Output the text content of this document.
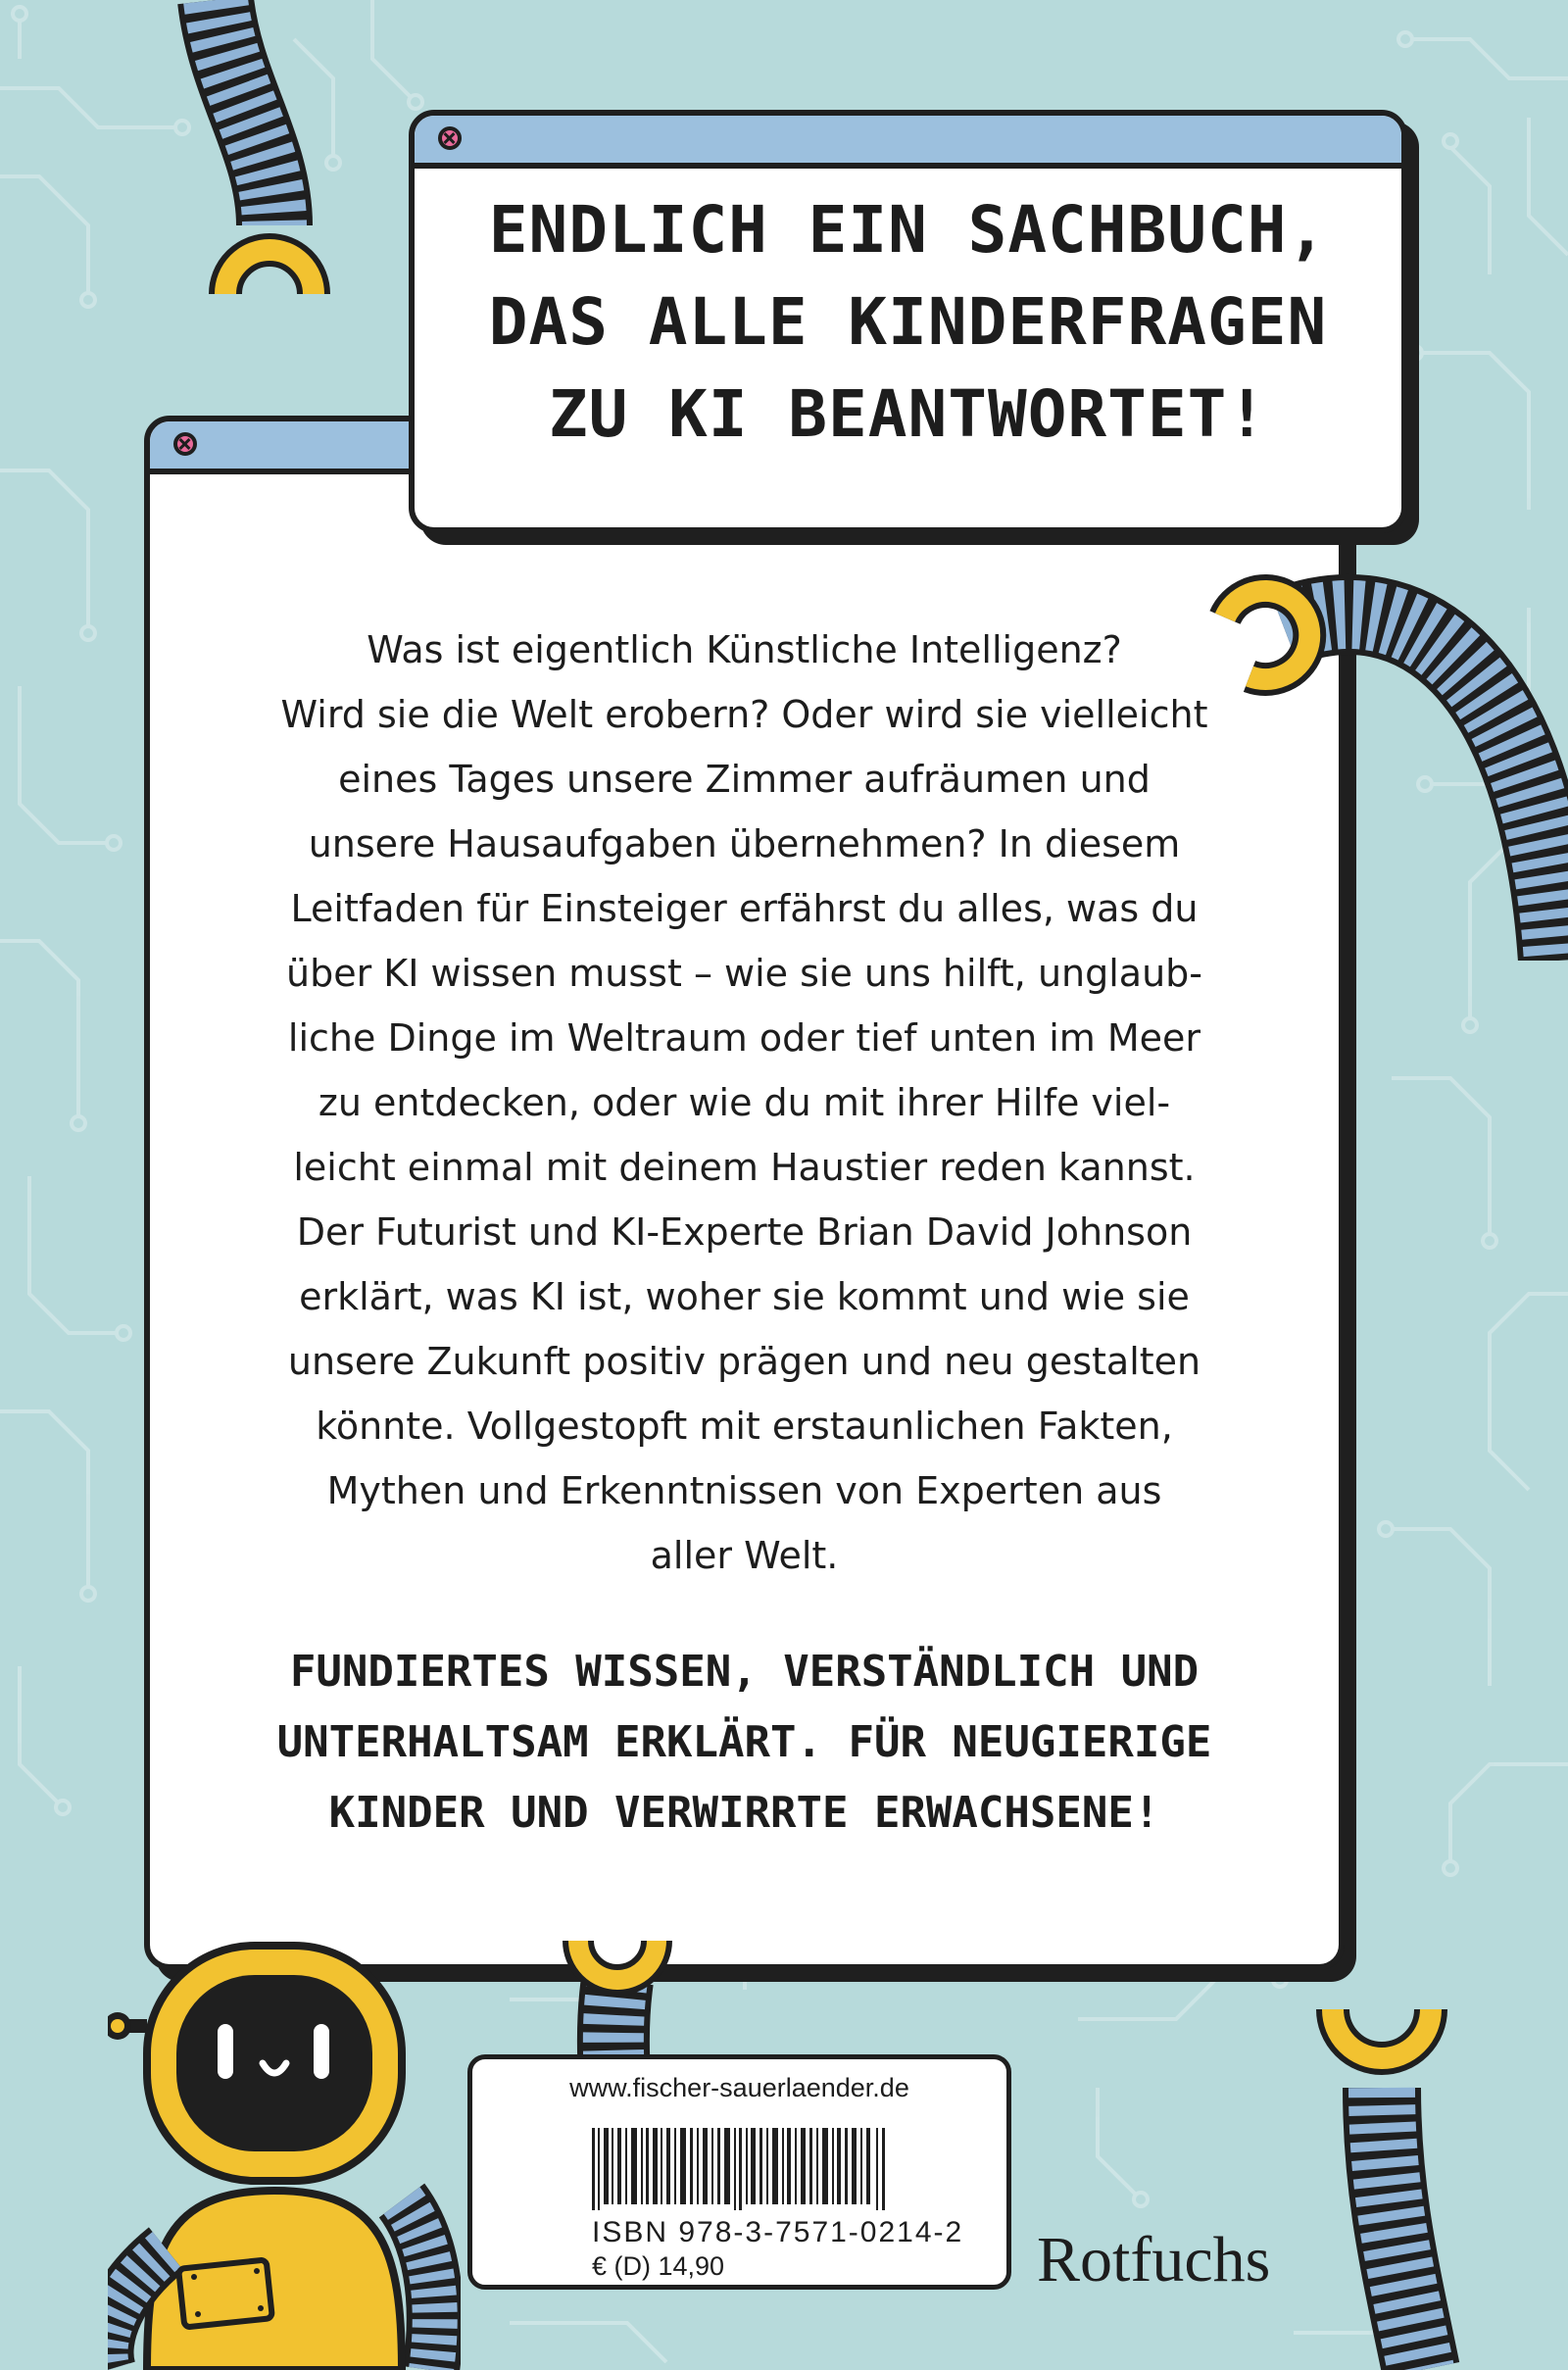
Was ist eigentlich Künstliche Intelligenz?
Wird sie die Welt erobern? Oder wird sie vielleicht
eines Tages unsere Zimmer aufräumen und
unsere Hausaufgaben übernehmen? In diesem
Leitfaden für Einsteiger erfährst du alles, was du
über KI wissen musst – wie sie uns hilft, unglaub-
liche Dinge im Weltraum oder tief unten im Meer
zu entdecken, oder wie du mit ihrer Hilfe viel-
leicht einmal mit deinem Haustier reden kannst.
Der Futurist und KI-Experte Brian David Johnson
erklärt, was KI ist, woher sie kommt und wie sie
unsere Zukunft positiv prägen und neu gestalten
könnte. Vollgestopft mit erstaunlichen Fakten,
Mythen und Erkenntnissen von Experten aus
aller Welt.
FUNDIERTES WISSEN, VERSTÄNDLICH UND
UNTERHALTSAM ERKLÄRT. FÜR NEUGIERIGE
KINDER UND VERWIRRTE ERWACHSENE!
ENDLICH EIN SACHBUCH,
DAS ALLE KINDERFRAGEN
ZU KI BEANTWORTET!
www.fischer-sauerlaender.de
ISBN 978-3-7571-0214-2
€ (D) 14,90	Rotfuchs
